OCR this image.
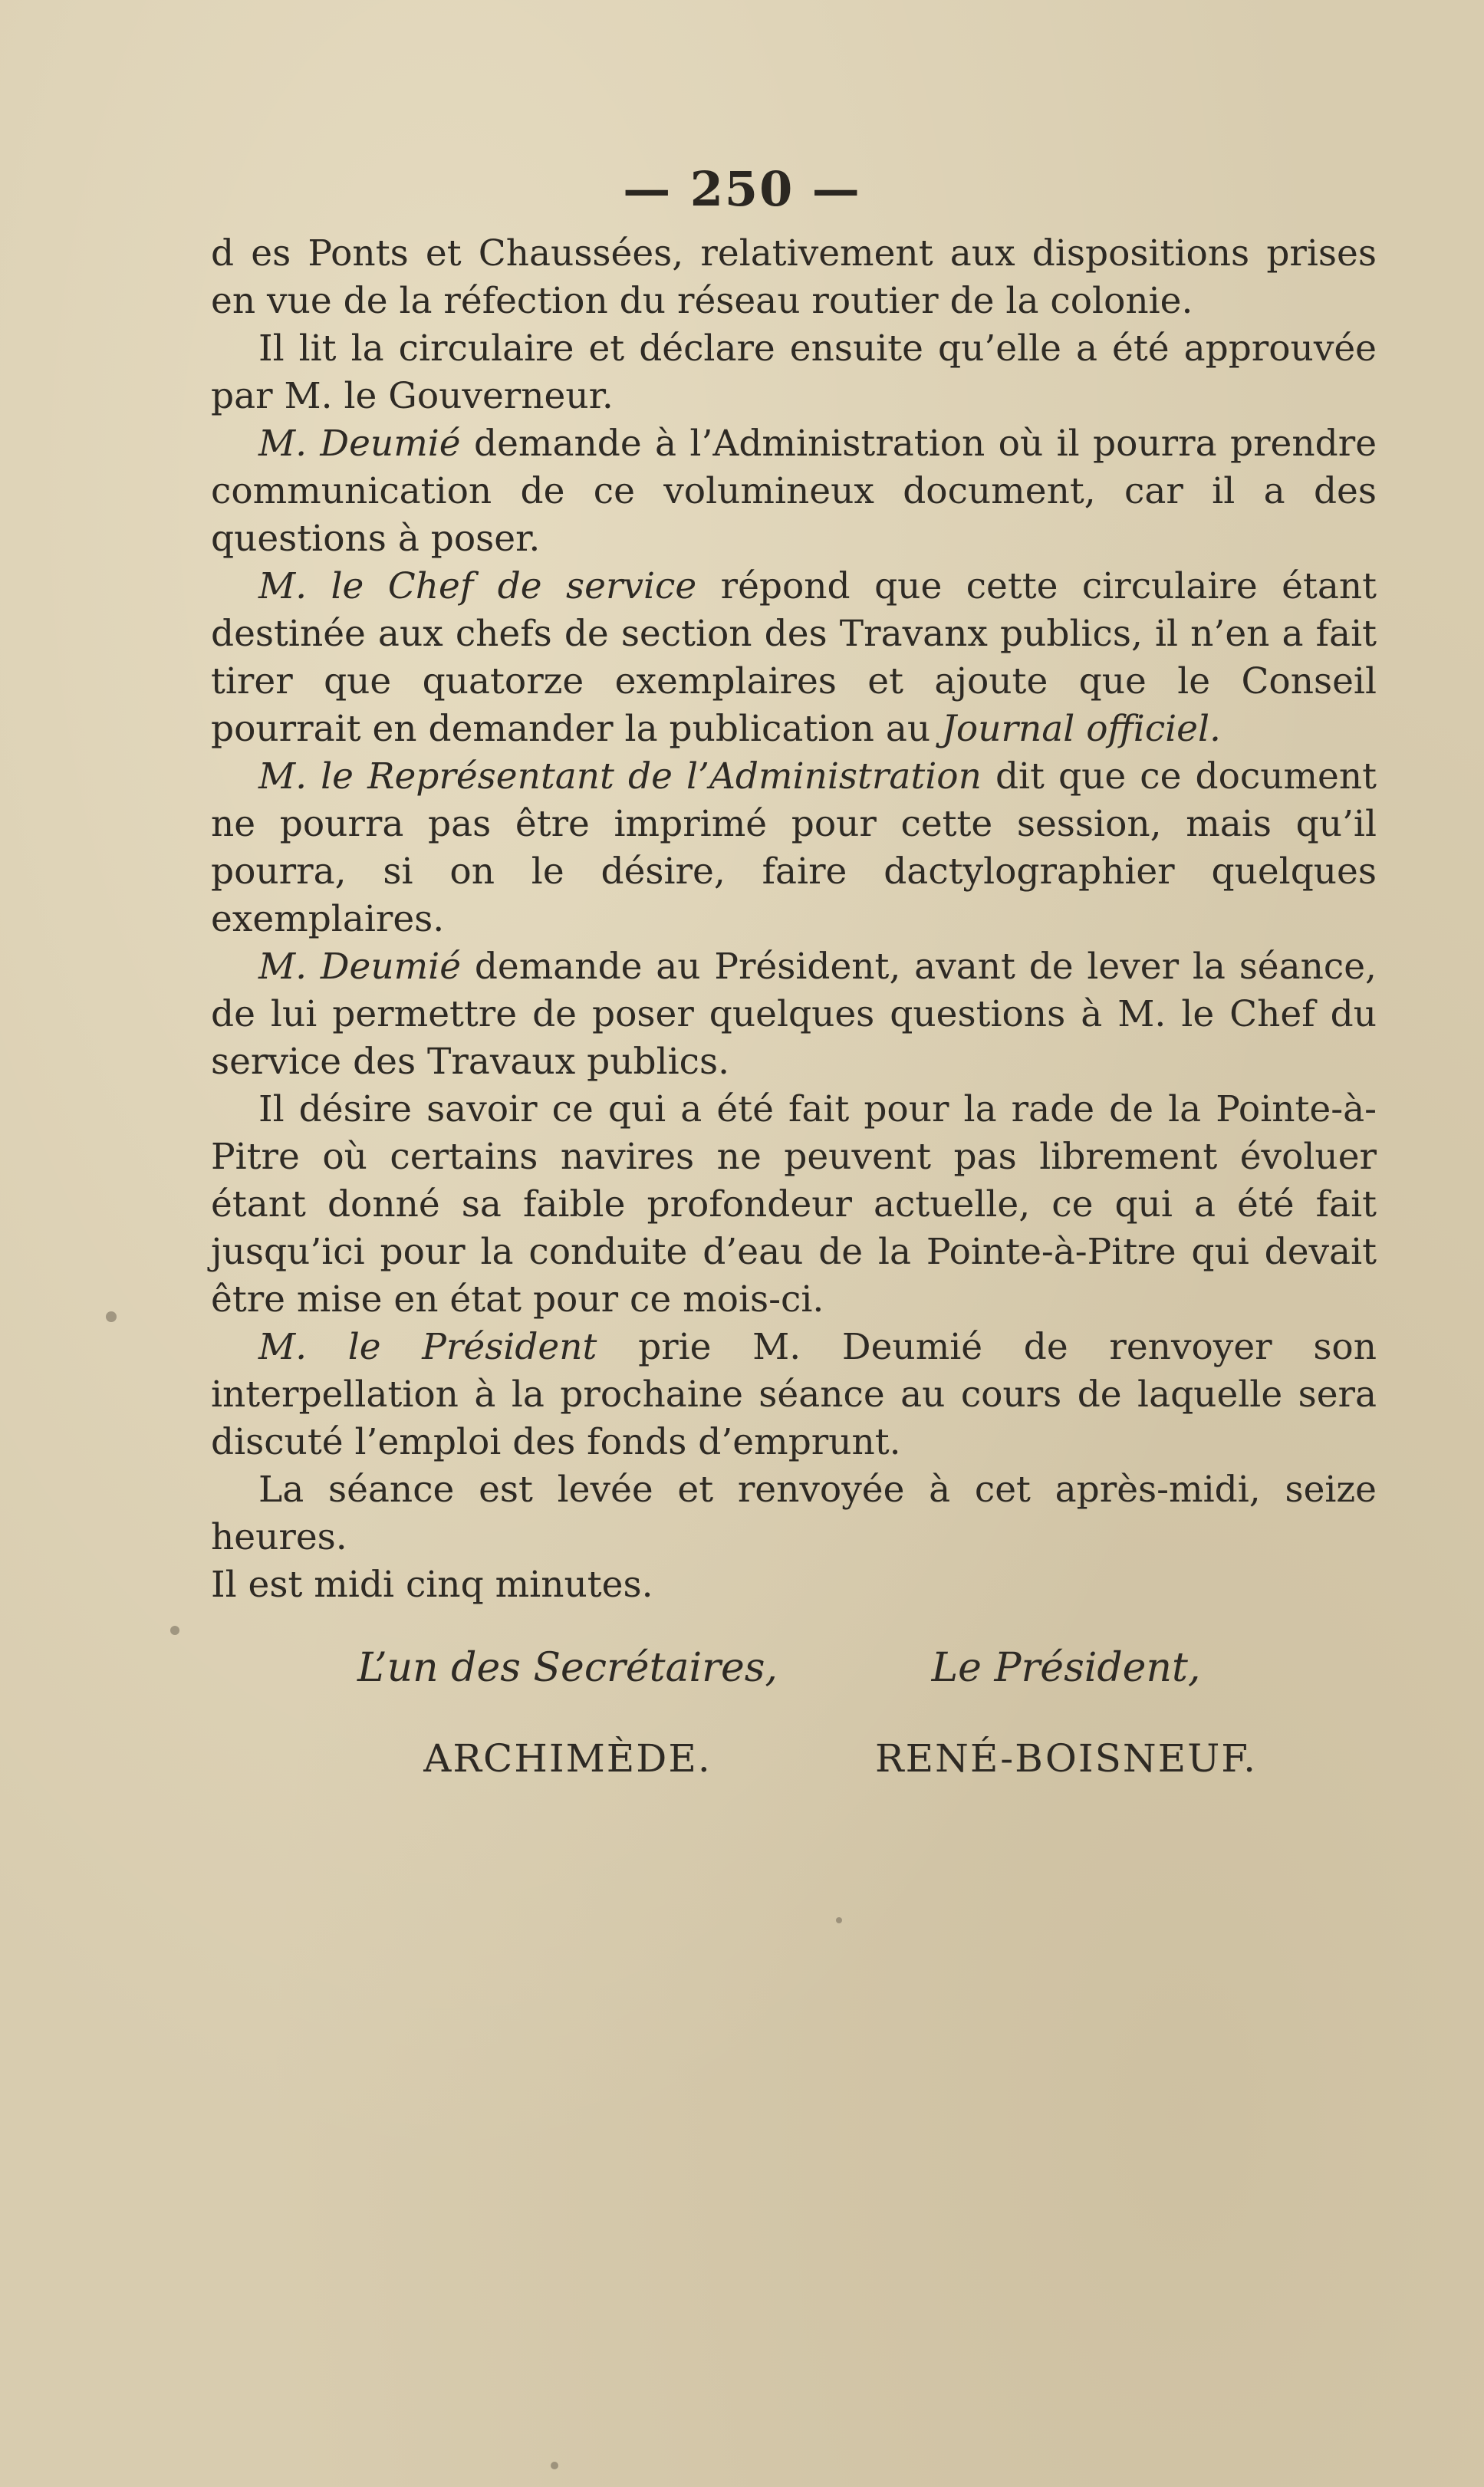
— 250 —

d es Ponts et Chaussées, relativement aux dispositions prises en vue de la réfection du réseau routier de la colonie.

Il lit la circulaire et déclare ensuite qu’elle a été approuvée par M. le Gouverneur.

M. Deumié demande à l’Administration où il pourra prendre communication de ce volumineux document, car il a des questions à poser.

M. le Chef de service répond que cette circulaire étant destinée aux chefs de section des Travanx publics, il n’en a fait tirer que quatorze exemplaires et ajoute que le Conseil pourrait en demander la publication au Journal officiel.

M. le Représentant de l’Administration dit que ce document ne pourra pas être imprimé pour cette session, mais qu’il pourra, si on le désire, faire dactylographier quelques exemplaires.

M. Deumié demande au Président, avant de lever la séance, de lui permettre de poser quelques questions à M. le Chef du service des Travaux publics.

Il désire savoir ce qui a été fait pour la rade de la Pointe-à-Pitre où certains navires ne peuvent pas librement évoluer étant donné sa faible profondeur actuelle, ce qui a été fait jusqu’ici pour la conduite d’eau de la Pointe-à-Pitre qui devait être mise en état pour ce mois-ci.

M. le Président prie M. Deumié de renvoyer son interpellation à la prochaine séance au cours de laquelle sera discuté l’emploi des fonds d’emprunt.

La séance est levée et renvoyée à cet après-midi, seize heures.

Il est midi cinq minutes.

L’un des Secrétaires,
ARCHIMÈDE.
Le Président,
RENÉ-BOISNEUF.
